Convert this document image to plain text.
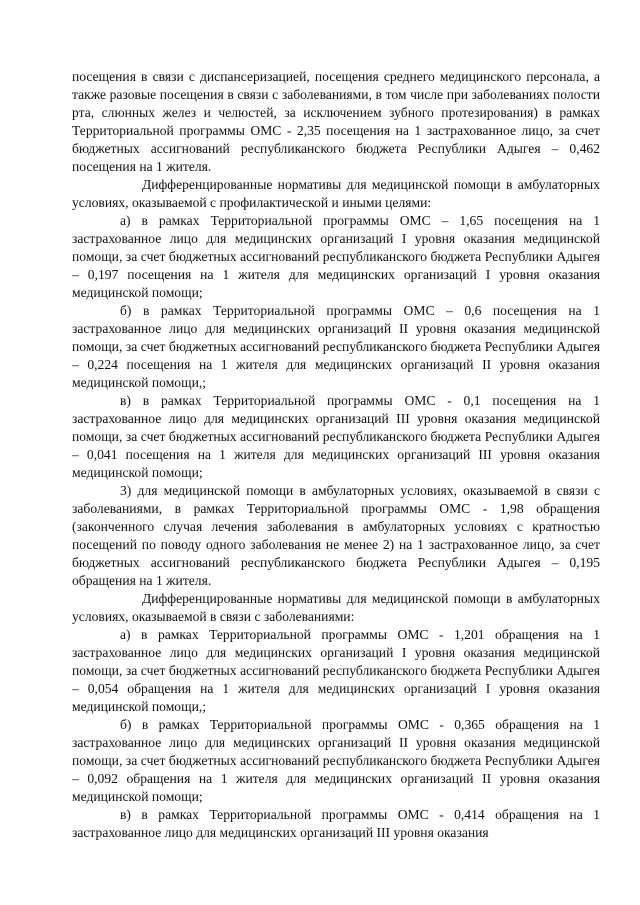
посещения в связи с диспансеризацией, посещения среднего медицинского персонала, а также разовые посещения в связи с заболеваниями, в том числе при заболеваниях полости рта, слюнных желез и челюстей, за исключением зубного протезирования) в рамках Территориальной программы ОМС - 2,35 посещения на 1 застрахованное лицо, за счет бюджетных ассигнований республиканского бюджета Республики Адыгея – 0,462 посещения на 1 жителя.

Дифференцированные нормативы для медицинской помощи в амбулаторных условиях, оказываемой с профилактической и иными целями:

а) в рамках Территориальной программы ОМС – 1,65 посещения на 1 застрахованное лицо для медицинских организаций I уровня оказания медицинской помощи, за счет бюджетных ассигнований республиканского бюджета Республики Адыгея – 0,197 посещения на 1 жителя для медицинских организаций I уровня оказания медицинской помощи;

б) в рамках Территориальной программы ОМС – 0,6 посещения на 1 застрахованное лицо для медицинских организаций II уровня оказания медицинской помощи, за счет бюджетных ассигнований республиканского бюджета Республики Адыгея – 0,224 посещения на 1 жителя для медицинских организаций II уровня оказания медицинской помощи,;

в) в рамках Территориальной программы ОМС - 0,1 посещения на 1 застрахованное лицо для медицинских организаций III уровня оказания медицинской помощи, за счет бюджетных ассигнований республиканского бюджета Республики Адыгея – 0,041 посещения на 1 жителя для медицинских организаций III уровня оказания медицинской помощи;

3) для медицинской помощи в амбулаторных условиях, оказываемой в связи с заболеваниями, в рамках Территориальной программы ОМС - 1,98 обращения (законченного случая лечения заболевания в амбулаторных условиях с кратностью посещений по поводу одного заболевания не менее 2) на 1 застрахованное лицо, за счет бюджетных ассигнований республиканского бюджета Республики Адыгея – 0,195 обращения на 1 жителя.

Дифференцированные нормативы для медицинской помощи в амбулаторных условиях, оказываемой в связи с заболеваниями:

а) в рамках Территориальной программы ОМС - 1,201 обращения на 1 застрахованное лицо для медицинских организаций I уровня оказания медицинской помощи, за счет бюджетных ассигнований республиканского бюджета Республики Адыгея – 0,054 обращения на 1 жителя для медицинских организаций I уровня оказания медицинской помощи,;

б) в рамках Территориальной программы ОМС - 0,365 обращения на 1 застрахованное лицо для медицинских организаций II уровня оказания медицинской помощи, за счет бюджетных ассигнований республиканского бюджета Республики Адыгея – 0,092 обращения на 1 жителя для медицинских организаций II уровня оказания медицинской помощи;

в) в рамках Территориальной программы ОМС - 0,414 обращения на 1 застрахованное лицо для медицинских организаций III уровня оказания
